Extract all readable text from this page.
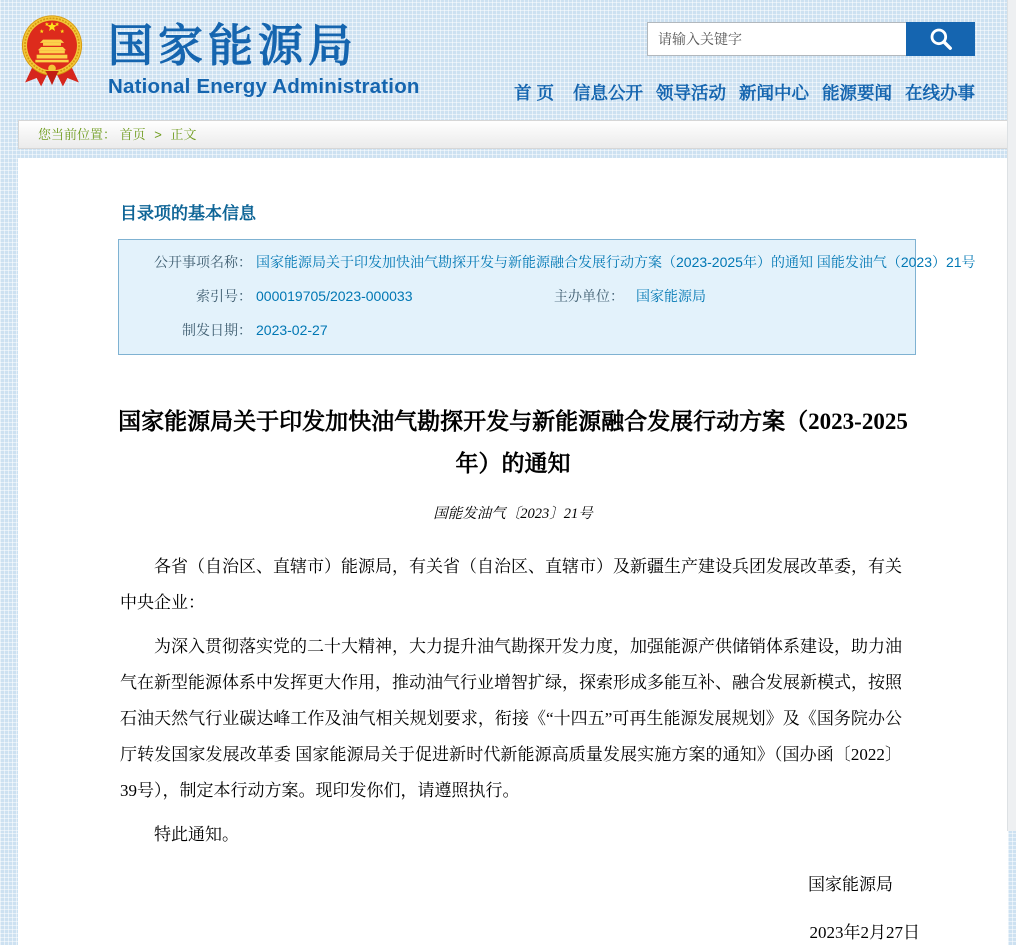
国家能源局
National Energy Administration
请输入关键字	首 页 信息公开 领导活动 新闻中心 能源要闻 在线办事
您当前位置： 首页 > 正文
目录项的基本信息
公开事项名称： 国家能源局关于印发加快油气勘探开发与新能源融合发展行动方案（2023-2025年）的通知 国能发油气（2023）21号
索引号： 000019705/2023-000033	主办单位： 国家能源局
制发日期： 2023-02-27
国家能源局关于印发加快油气勘探开发与新能源融合发展行动方案（2023-2025年）的通知
国能发油气〔2023〕21号

各省（自治区、直辖市）能源局，有关省（自治区、直辖市）及新疆生产建设兵团发展改革委，有关中央企业：

为深入贯彻落实党的二十大精神，大力提升油气勘探开发力度，加强能源产供储销体系建设，助力油气在新型能源体系中发挥更大作用，推动油气行业增智扩绿，探索形成多能互补、融合发展新模式，按照石油天然气行业碳达峰工作及油气相关规划要求，衔接《“十四五”可再生能源发展规划》及《国务院办公厅转发国家发展改革委 国家能源局关于促进新时代新能源高质量发展实施方案的通知》（国办函〔2022〕39号），制定本行动方案。现印发你们，请遵照执行。

特此通知。

国家能源局
2023年2月27日
